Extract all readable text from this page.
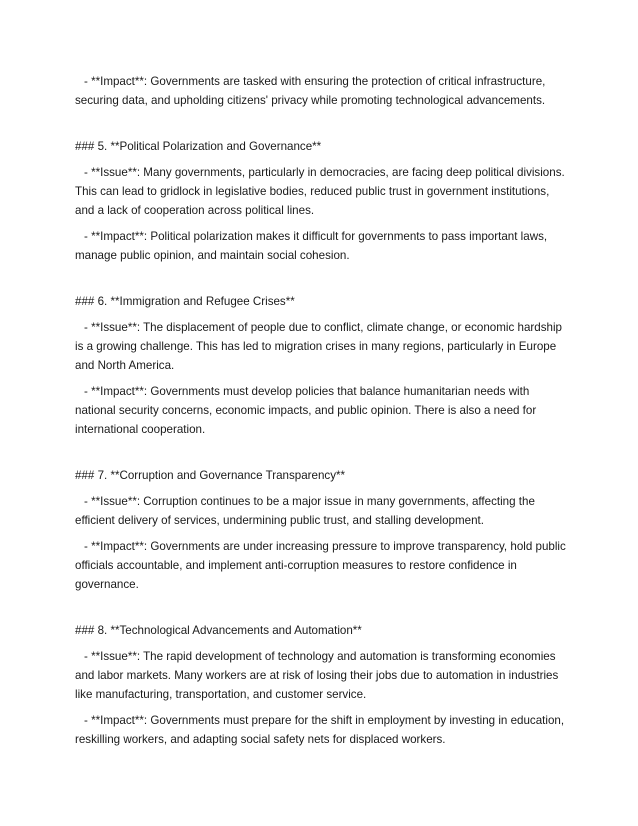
- **Impact**: Governments are tasked with ensuring the protection of critical infrastructure, securing data, and upholding citizens' privacy while promoting technological advancements.

### 5. **Political Polarization and Governance**

- **Issue**: Many governments, particularly in democracies, are facing deep political divisions. This can lead to gridlock in legislative bodies, reduced public trust in government institutions, and a lack of cooperation across political lines.

- **Impact**: Political polarization makes it difficult for governments to pass important laws, manage public opinion, and maintain social cohesion.

### 6. **Immigration and Refugee Crises**

- **Issue**: The displacement of people due to conflict, climate change, or economic hardship is a growing challenge. This has led to migration crises in many regions, particularly in Europe and North America.

- **Impact**: Governments must develop policies that balance humanitarian needs with national security concerns, economic impacts, and public opinion. There is also a need for international cooperation.

### 7. **Corruption and Governance Transparency**

- **Issue**: Corruption continues to be a major issue in many governments, affecting the efficient delivery of services, undermining public trust, and stalling development.

- **Impact**: Governments are under increasing pressure to improve transparency, hold public officials accountable, and implement anti-corruption measures to restore confidence in governance.

### 8. **Technological Advancements and Automation**

- **Issue**: The rapid development of technology and automation is transforming economies and labor markets. Many workers are at risk of losing their jobs due to automation in industries like manufacturing, transportation, and customer service.

- **Impact**: Governments must prepare for the shift in employment by investing in education, reskilling workers, and adapting social safety nets for displaced workers.
